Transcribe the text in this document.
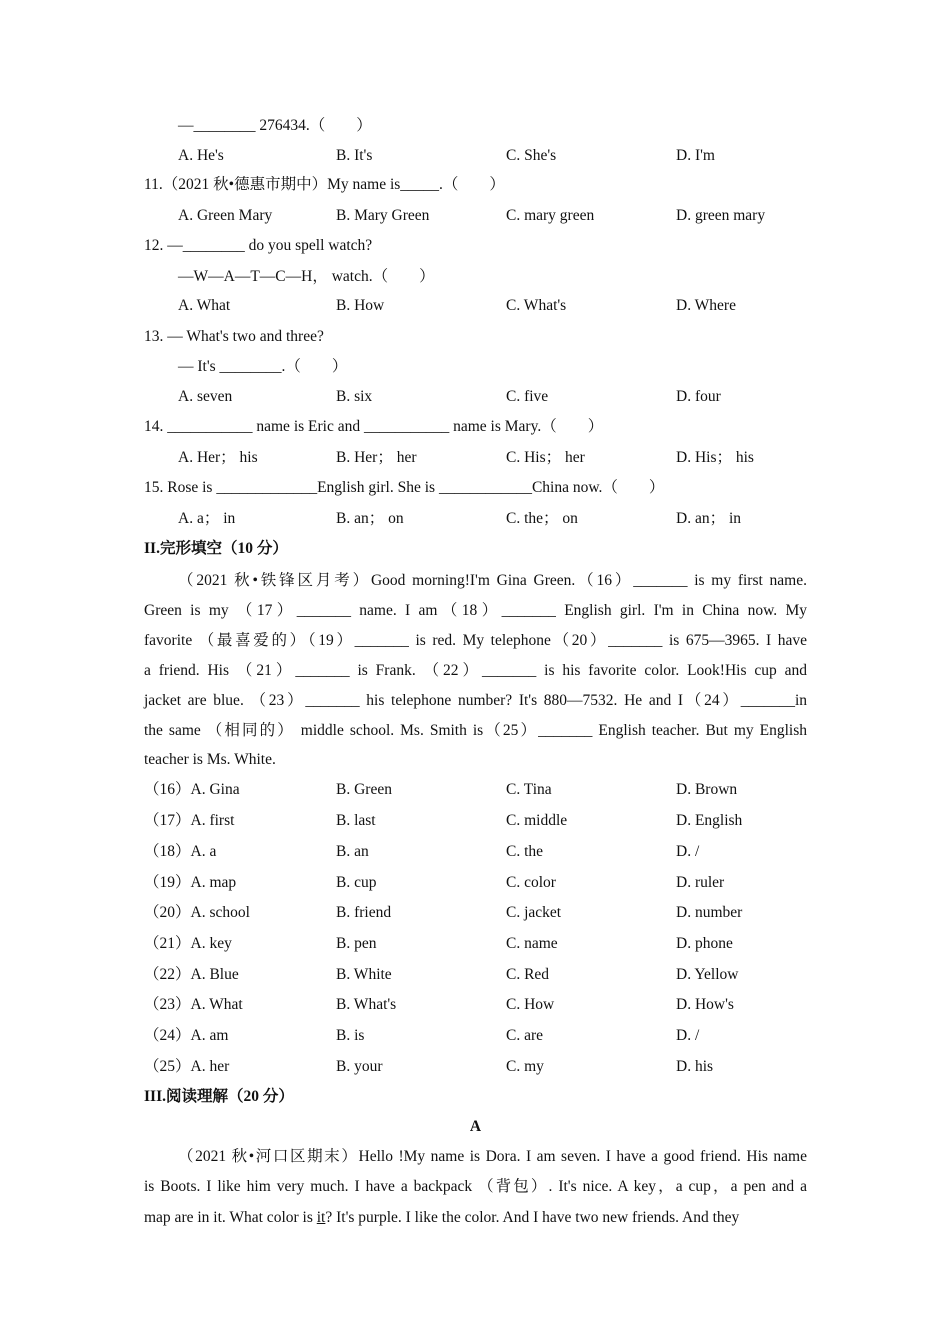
—________ 276434.（　　）
A. He's	B. It's	C. She's	D. I'm
11.（2021 秋•德惠市期中）My name is_____.（　　）
A. Green Mary	B. Mary Green	C. mary green	D. green mary
12. —________ do you spell watch?
—W—A—T—C—H， watch.（　　）
A. What	B. How	C. What's	D. Where
13. — What's two and three?
— It's ________.（　　）
A. seven	B. six	C. five	D. four
14. ___________ name is Eric and ___________ name is Mary.（　　）
A. Her； his	B. Her； her	C. His； her	D. His； his
15. Rose is _____________English girl. She is ____________China now.（　　）
A. a； in	B. an； on	C. the； on	D. an； in
II.完形填空（10 分）
（2021 秋•铁锋区月考）Good morning!I'm Gina Green.（16）_______ is my first name.
Green is my （17）_______ name. I am（18）_______ English girl. I'm in China now. My
favorite （最喜爱的）（19）_______ is red. My telephone（20）_______ is 675—3965. I have
a friend. His （21）_______ is Frank. （22）_______ is his favorite color. Look!His cup and
jacket are blue. （23）_______ his telephone number? It's 880—7532. He and I（24）_______in
the same （相同的） middle school. Ms. Smith is（25）_______ English teacher. But my English
teacher is Ms. White.
（16）A. Gina	B. Green	C. Tina	D. Brown
（17）A. first	B. last	C. middle	D. English
（18）A. a	B. an	C. the	D. /
（19）A. map	B. cup	C. color	D. ruler
（20）A. school	B. friend	C. jacket	D. number
（21）A. key	B. pen	C. name	D. phone
（22）A. Blue	B. White	C. Red	D. Yellow
（23）A. What	B. What's	C. How	D. How's
（24）A. am	B. is	C. are	D. /
（25）A. her	B. your	C. my	D. his
III.阅读理解（20 分）
A
（2021 秋•河口区期末）Hello !My name is Dora. I am seven. I have a good friend. His name
is Boots. I like him very much. I have a backpack （背包）. It's nice. A key，a cup，a pen and a
map are in it. What color is it? It's purple. I like the color. And I have two new friends. And they
